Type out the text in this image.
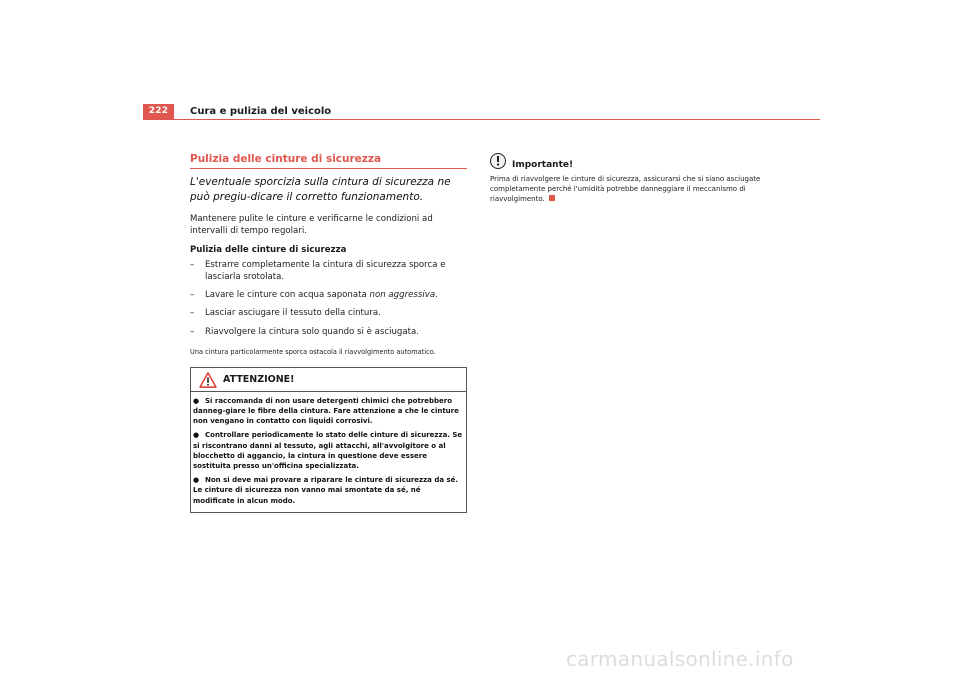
222	Cura e pulizia del veicolo
Pulizia delle cinture di sicurezza
L'eventuale sporcizia sulla cintura di sicurezza ne può pregiu-dicare il corretto funzionamento.
Mantenere pulite le cinture e verificarne le condizioni ad intervalli di tempo regolari.
Pulizia delle cinture di sicurezza
– Estrarre completamente la cintura di sicurezza sporca e lasciarla srotolata.
– Lavare le cinture con acqua saponata non aggressiva.
– Lasciar asciugare il tessuto della cintura.
– Riavvolgere la cintura solo quando si è asciugata.
Una cintura particolarmente sporca ostacola il riavvolgimento automatico.
ATTENZIONE!
● Si raccomanda di non usare detergenti chimici che potrebbero danneg-giare le fibre della cintura. Fare attenzione a che le cinture non vengano in contatto con liquidi corrosivi.
● Controllare periodicamente lo stato delle cinture di sicurezza. Se si riscontrano danni al tessuto, agli attacchi, all'avvolgitore o al blocchetto di aggancio, la cintura in questione deve essere sostituita presso un'officina specializzata.
● Non si deve mai provare a riparare le cinture di sicurezza da sé. Le cinture di sicurezza non vanno mai smontate da sé, né modificate in alcun modo.
Importante!
Prima di riavvolgere le cinture di sicurezza, assicurarsi che si siano asciugate completamente perché l'umidità potrebbe danneggiare il meccanismo di riavvolgimento.
carmanualsonline.info
